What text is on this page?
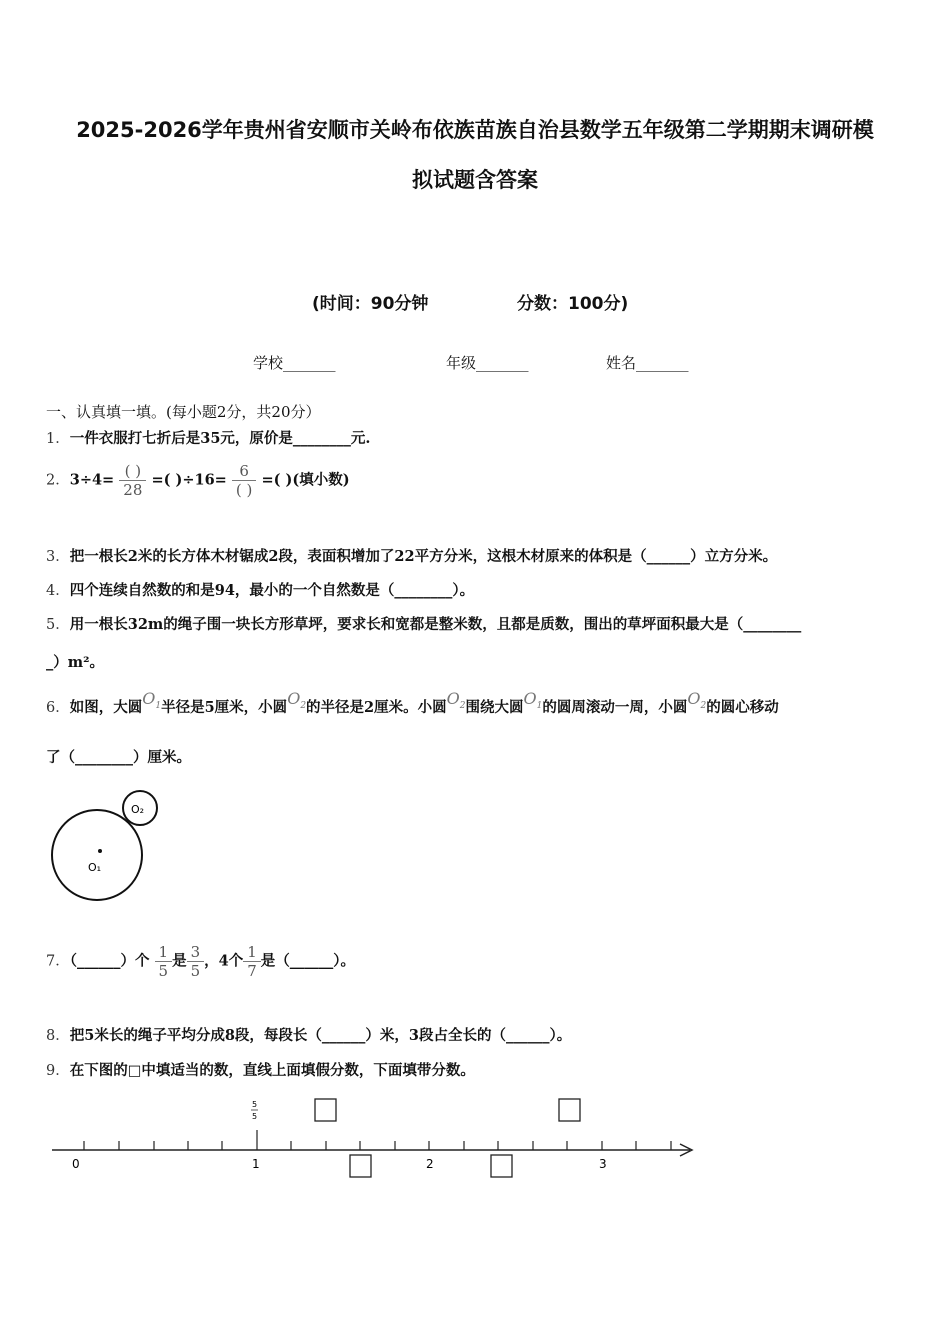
2025-2026学年贵州省安顺市关岭布依族苗族自治县数学五年级第二学期期末调研模
拟试题含答案
(时间：90分钟	分数：100分)
学校_______	年级_______	姓名_______
一、认真填一填。(每小题2分，共20分）
1．一件衣服打七折后是35元，原价是________元.
2．$3\div 4= \frac{( )}{28}$ =( )$\div 16= \frac{6}{( )}$ =( )(填小数)
3．把一根长2米的长方体木材锯成2段，表面积增加了22平方分米，这根木材原来的体积是（______）立方分米。
4．四个连续自然数的和是94，最小的一个自然数是（________）。
5．用一根长32m的绳子围一块长方形草坪，要求长和宽都是整米数，且都是质数，围出的草坪面积最大是（________
_）m²。
6．如图，大圆$O_1$半径是5厘米，小圆$O_2$的半径是2厘米。小圆$O_2$围绕大圆$O_1$的圆周滚动一周，小圆$O_2$的圆心移动
了（________）厘米。
O₁
O₂
7．（______）个 $\frac{1}{5}$ 是 $\frac{3}{5}$ ，4个 $\frac{1}{7}$ 是（______）。
8．把5米长的绳子平均分成8段，每段长（______）米，3段占全长的（______）。
9．在下图的□中填适当的数，直线上面填假分数，下面填带分数。
0	1	2	3
5
5
